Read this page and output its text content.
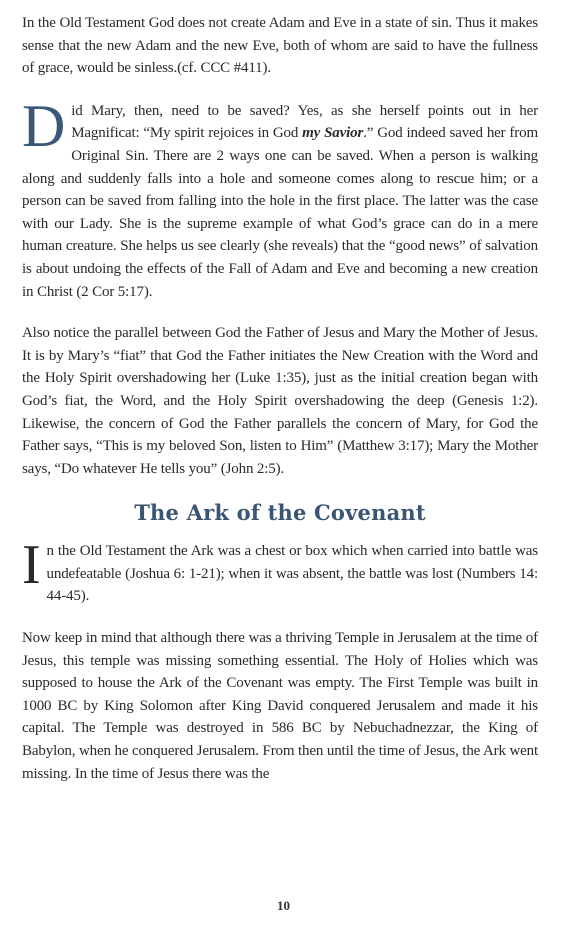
In the Old Testament God does not create Adam and Eve in a state of sin. Thus it makes sense that the new Adam and the new Eve, both of whom are said to have the fullness of grace, would be sinless.(cf. CCC #411).

Did Mary, then, need to be saved? Yes, as she herself points out in her Magnificat: “My spirit rejoices in God my Savior.” God indeed saved her from Original Sin. There are 2 ways one can be saved. When a person is walking along and suddenly falls into a hole and someone comes along to rescue him; or a person can be saved from falling into the hole in the first place. The latter was the case with our Lady. She is the supreme example of what God’s grace can do in a mere human creature. She helps us see clearly (she reveals) that the “good news” of salvation is about undoing the effects of the Fall of Adam and Eve and becoming a new creation in Christ (2 Cor 5:17).

Also notice the parallel between God the Father of Jesus and Mary the Mother of Jesus. It is by Mary’s “fiat” that God the Father initiates the New Creation with the Word and the Holy Spirit overshadowing her (Luke 1:35), just as the initial creation began with God’s fiat, the Word, and the Holy Spirit overshadowing the deep (Genesis 1:2). Likewise, the concern of God the Father parallels the concern of Mary, for God the Father says, “This is my beloved Son, listen to Him” (Matthew 3:17); Mary the Mother says, “Do whatever He tells you” (John 2:5).

The Ark of the Covenant

In the Old Testament the Ark was a chest or box which when carried into battle was undefeatable (Joshua 6: 1-21); when it was absent, the battle was lost (Numbers 14: 44-45).

Now keep in mind that although there was a thriving Temple in Jerusalem at the time of Jesus, this temple was missing something essential. The Holy of Holies which was supposed to house the Ark of the Covenant was empty. The First Temple was built in 1000 BC by King Solomon after King David conquered Jerusalem and made it his capital. The Temple was destroyed in 586 BC by Nebuchadnezzar, the King of Babylon, when he conquered Jerusalem. From then until the time of Jesus, the Ark went missing. In the time of Jesus there was the

10
